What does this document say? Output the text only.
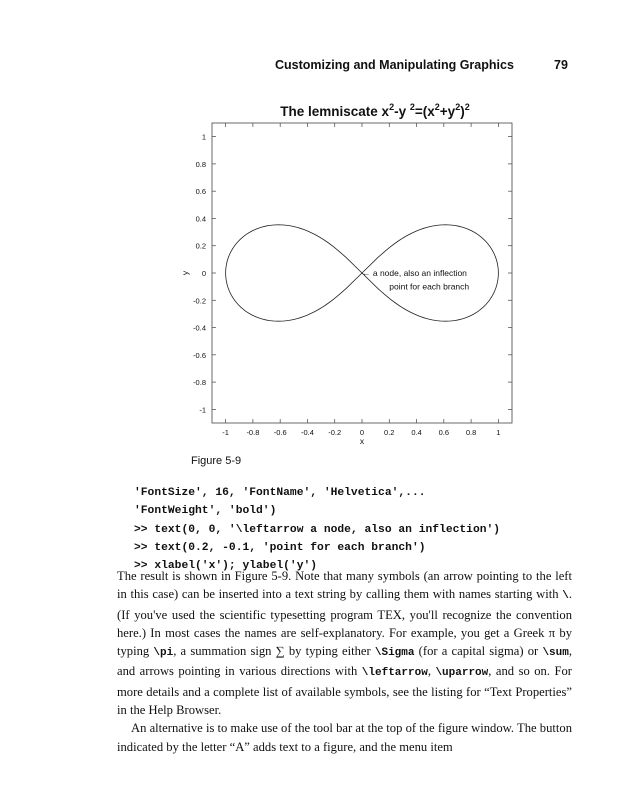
Customizing and Manipulating Graphics	79
The lemniscate $x^2-y$ $^2=(x^2+y^2)^2$
-1 -0.8 -0.6 -0.4 -0.2 0	0.2 0.4 0.6 0.8	1
1
0.8
0.6
0.4
0.2
0
-0.2
-0.4
-0.6
-0.8
-1
← a node, also an inflection
point for each branch
x
y
Figure 5-9
'FontSize', 16, 'FontName', 'Helvetica',...
'FontWeight', 'bold')
>> text(0, 0, '\leftarrow a node, also an inflection')
>> text(0.2, -0.1, 'point for each branch')
>> xlabel('x'); ylabel('y')

The result is shown in Figure 5-9. Note that many symbols (an arrow pointing to the left in this case) can be inserted into a text string by calling them with names starting with \. (If you've used the scientific typesetting program TEX, you'll recognize the convention here.) In most cases the names are self-explanatory. For example, you get a Greek π by typing \pi, a summation sign ∑ by typing either \Sigma (for a capital sigma) or \sum, and arrows pointing in various directions with \leftarrow, \uparrow, and so on. For more details and a complete list of available symbols, see the listing for “Text Properties” in the Help Browser.

An alternative is to make use of the tool bar at the top of the figure window. The button indicated by the letter “A” adds text to a figure, and the menu item
